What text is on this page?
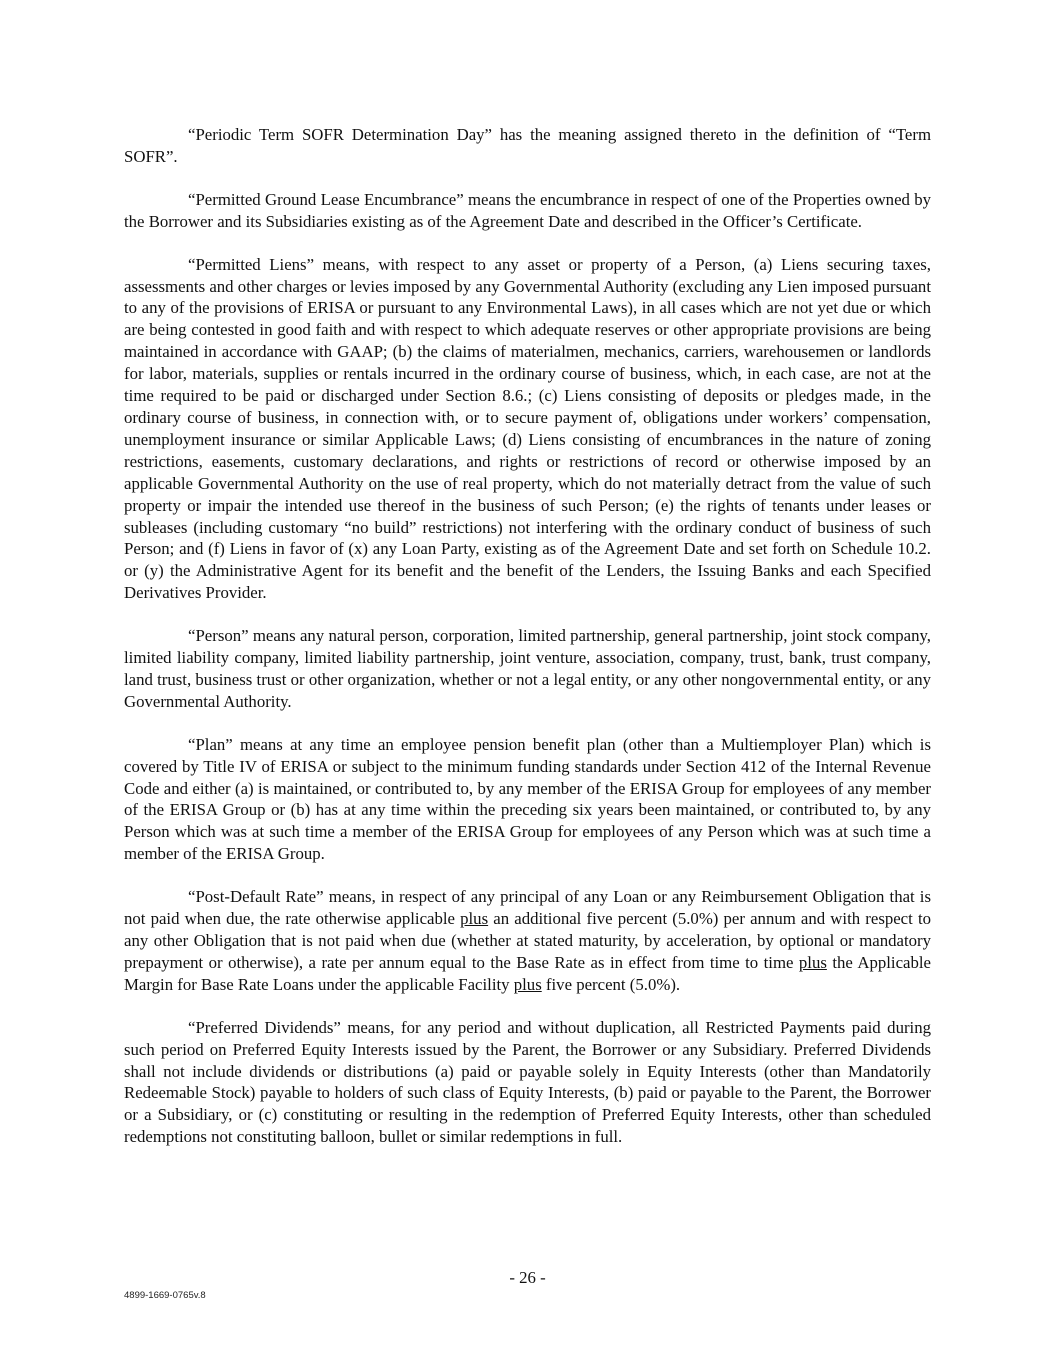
“Periodic Term SOFR Determination Day” has the meaning assigned thereto in the definition of “Term SOFR”.

“Permitted Ground Lease Encumbrance” means the encumbrance in respect of one of the Properties owned by the Borrower and its Subsidiaries existing as of the Agreement Date and described in the Officer’s Certificate.

“Permitted Liens” means, with respect to any asset or property of a Person, (a) Liens securing taxes, assessments and other charges or levies imposed by any Governmental Authority (excluding any Lien imposed pursuant to any of the provisions of ERISA or pursuant to any Environmental Laws), in all cases which are not yet due or which are being contested in good faith and with respect to which adequate reserves or other appropriate provisions are being maintained in accordance with GAAP; (b) the claims of materialmen, mechanics, carriers, warehousemen or landlords for labor, materials, supplies or rentals incurred in the ordinary course of business, which, in each case, are not at the time required to be paid or discharged under Section 8.6.; (c) Liens consisting of deposits or pledges made, in the ordinary course of business, in connection with, or to secure payment of, obligations under workers’ compensation, unemployment insurance or similar Applicable Laws; (d) Liens consisting of encumbrances in the nature of zoning restrictions, easements, customary declarations, and rights or restrictions of record or otherwise imposed by an applicable Governmental Authority on the use of real property, which do not materially detract from the value of such property or impair the intended use thereof in the business of such Person; (e) the rights of tenants under leases or subleases (including customary “no build” restrictions) not interfering with the ordinary conduct of business of such Person; and (f) Liens in favor of (x) any Loan Party, existing as of the Agreement Date and set forth on Schedule 10.2. or (y) the Administrative Agent for its benefit and the benefit of the Lenders, the Issuing Banks and each Specified Derivatives Provider.

“Person” means any natural person, corporation, limited partnership, general partnership, joint stock company, limited liability company, limited liability partnership, joint venture, association, company, trust, bank, trust company, land trust, business trust or other organization, whether or not a legal entity, or any other nongovernmental entity, or any Governmental Authority.

“Plan” means at any time an employee pension benefit plan (other than a Multiemployer Plan) which is covered by Title IV of ERISA or subject to the minimum funding standards under Section 412 of the Internal Revenue Code and either (a) is maintained, or contributed to, by any member of the ERISA Group for employees of any member of the ERISA Group or (b) has at any time within the preceding six years been maintained, or contributed to, by any Person which was at such time a member of the ERISA Group for employees of any Person which was at such time a member of the ERISA Group.

“Post-Default Rate” means, in respect of any principal of any Loan or any Reimbursement Obligation that is not paid when due, the rate otherwise applicable plus an additional five percent (5.0%) per annum and with respect to any other Obligation that is not paid when due (whether at stated maturity, by acceleration, by optional or mandatory prepayment or otherwise), a rate per annum equal to the Base Rate as in effect from time to time plus the Applicable Margin for Base Rate Loans under the applicable Facility plus five percent (5.0%).

“Preferred Dividends” means, for any period and without duplication, all Restricted Payments paid during such period on Preferred Equity Interests issued by the Parent, the Borrower or any Subsidiary. Preferred Dividends shall not include dividends or distributions (a) paid or payable solely in Equity Interests (other than Mandatorily Redeemable Stock) payable to holders of such class of Equity Interests, (b) paid or payable to the Parent, the Borrower or a Subsidiary, or (c) constituting or resulting in the redemption of Preferred Equity Interests, other than scheduled redemptions not constituting balloon, bullet or similar redemptions in full.

- 26 -
4899-1669-0765v.8
